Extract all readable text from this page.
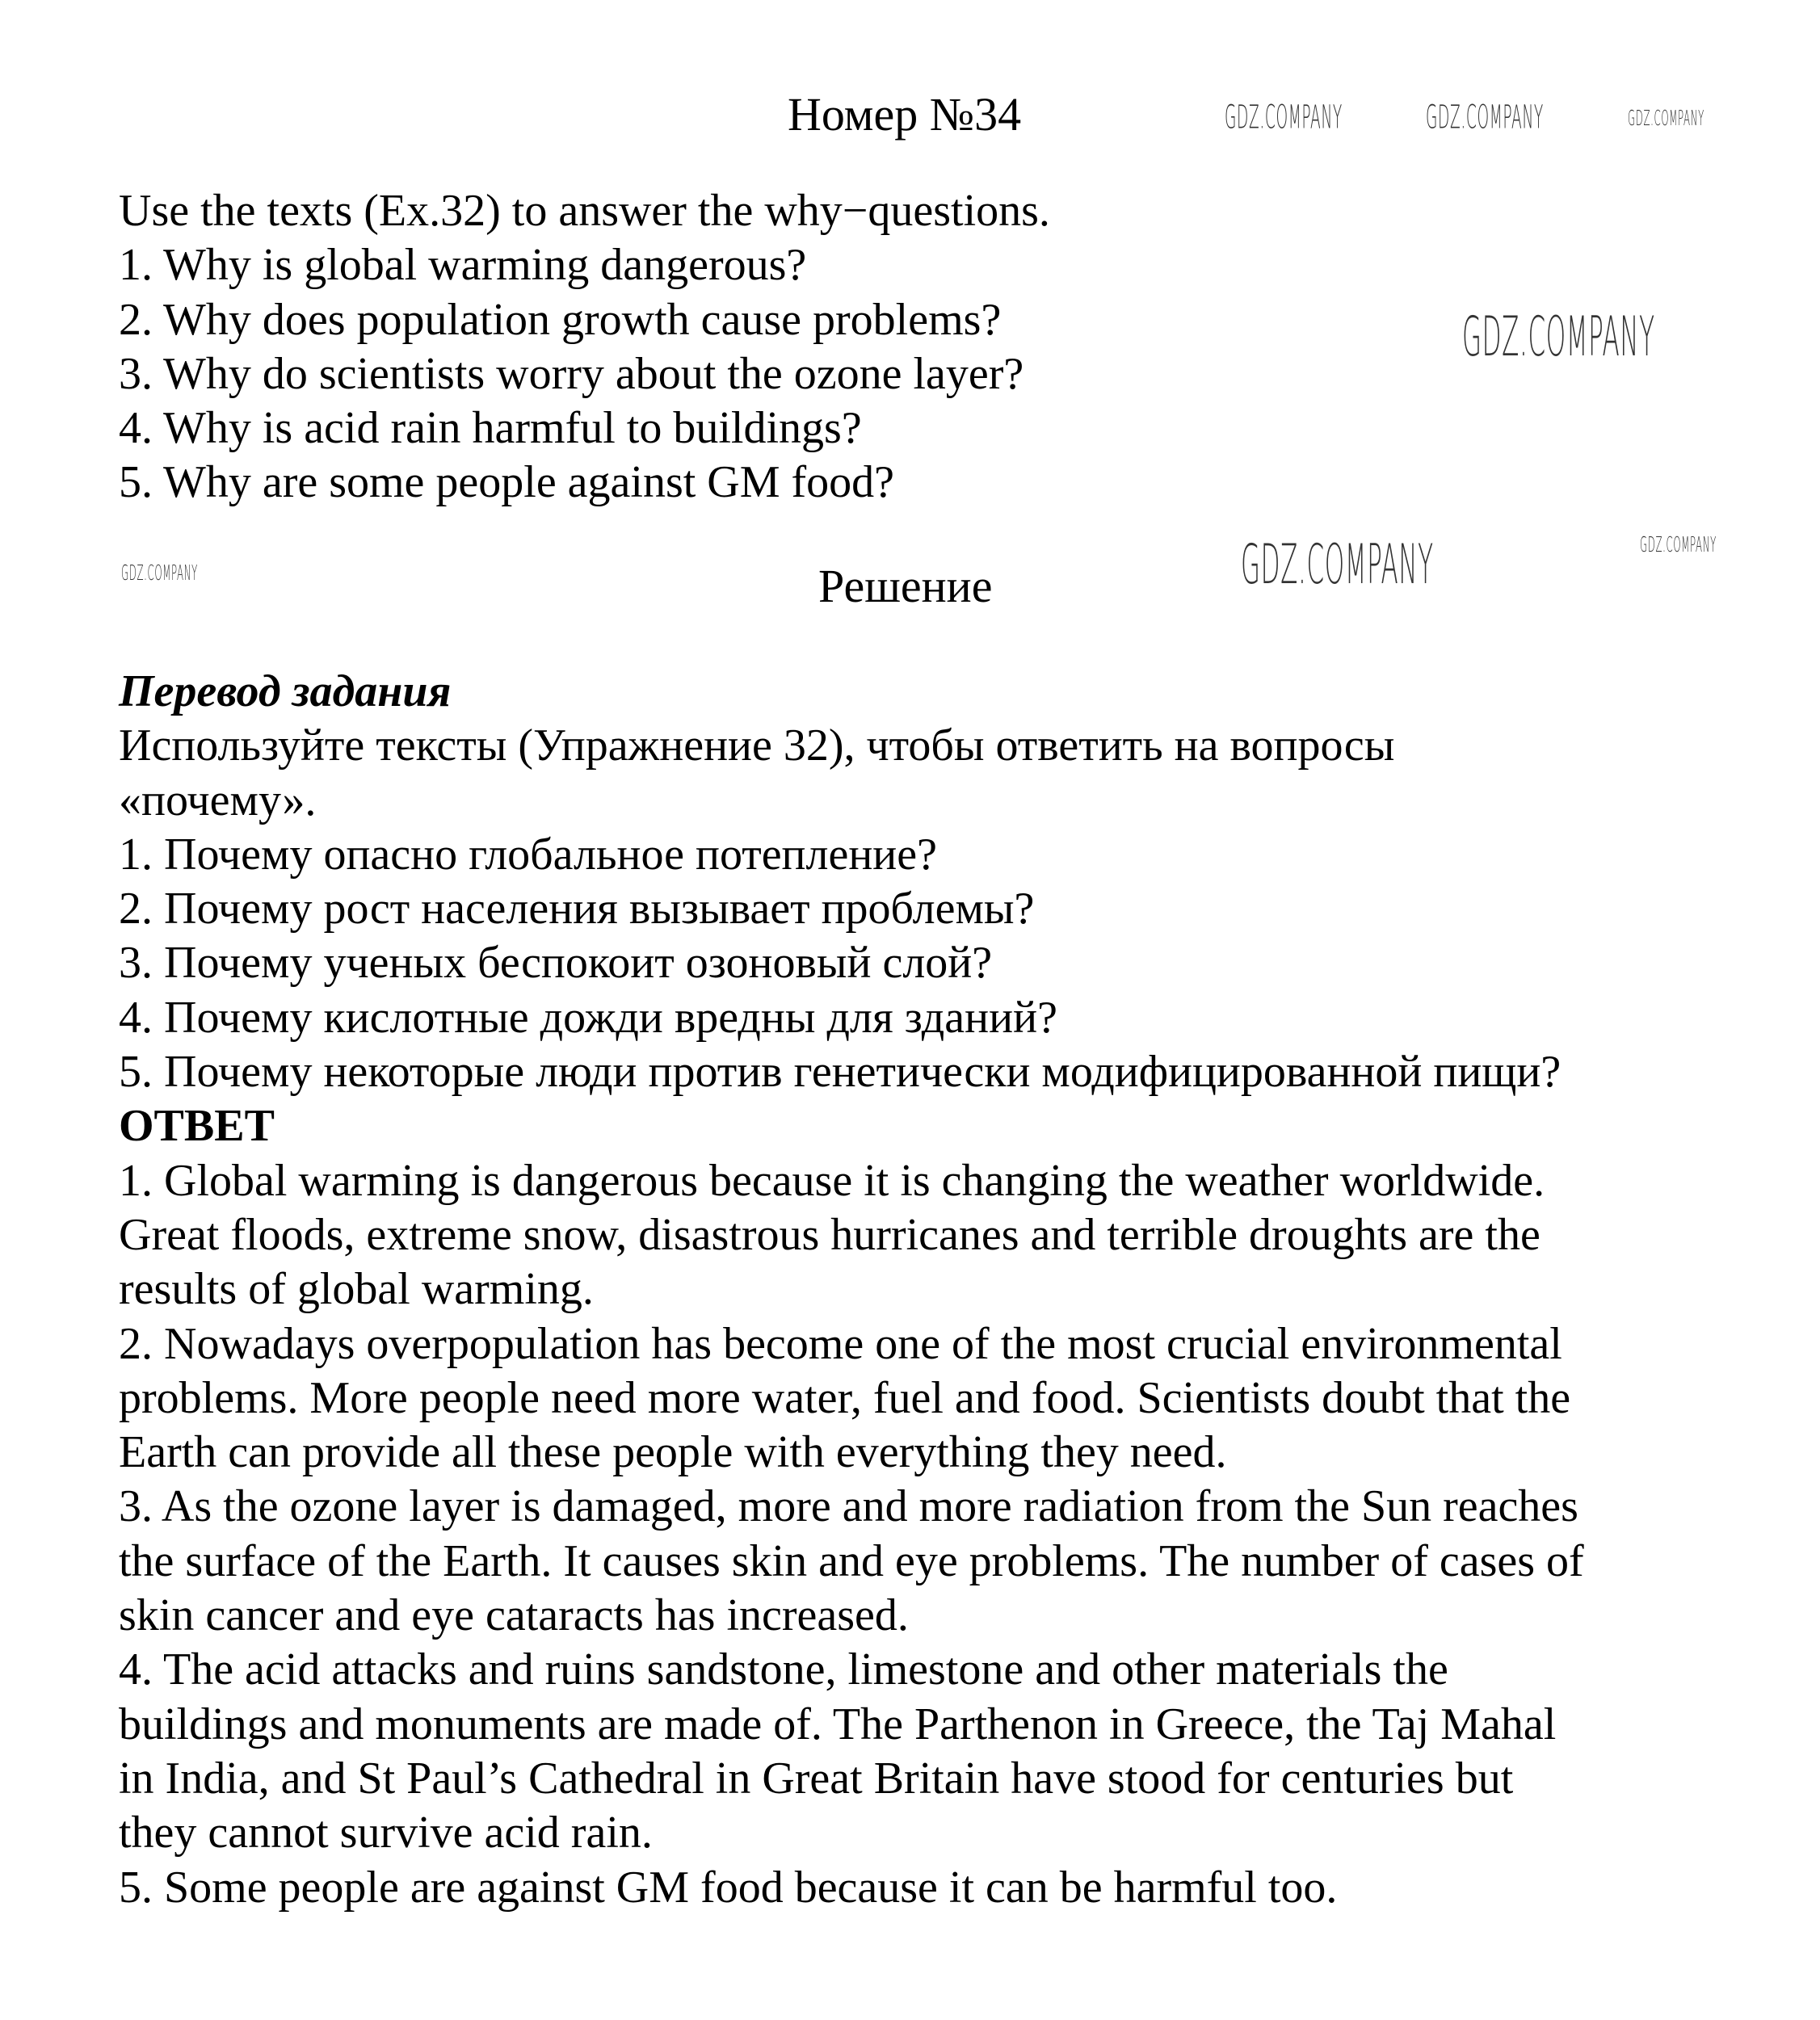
Номер №34
Use the texts (Ex.32) to answer the why−questions.
1. Why is global warming dangerous?
2. Why does population growth cause problems?
3. Why do scientists worry about the ozone layer?
4. Why is acid rain harmful to buildings?
5. Why are some people against GM food?
Решение
Перевод задания
Используйте тексты (Упражнение 32), чтобы ответить на вопросы
«почему».
1. Почему опасно глобальное потепление?
2. Почему рост населения вызывает проблемы?
3. Почему ученых беспокоит озоновый слой?
4. Почему кислотные дожди вредны для зданий?
5. Почему некоторые люди против генетически модифицированной пищи?
ОТВЕТ
1. Global warming is dangerous because it is changing the weather worldwide.
Great floods, extreme snow, disastrous hurricanes and terrible droughts are the
results of global warming.
2. Nowadays overpopulation has become one of the most crucial environmental
problems. More people need more water, fuel and food. Scientists doubt that the
Earth can provide all these people with everything they need.
3. As the ozone layer is damaged, more and more radiation from the Sun reaches
the surface of the Earth. It causes skin and eye problems. The number of cases of
skin cancer and eye cataracts has increased.
4. The acid attacks and ruins sandstone, limestone and other materials the
buildings and monuments are made of. The Parthenon in Greece, the Taj Mahal
in India, and St Paul’s Cathedral in Great Britain have stood for centuries but
they cannot survive acid rain.
5. Some people are against GM food because it can be harmful too.
GDZ.COMPANY	GDZ.COMPANY	GDZ.COMPANY
GDZ.COMPANY
GDZ.COMPANY
GDZ.COMPANY
GDZ.COMPANY
